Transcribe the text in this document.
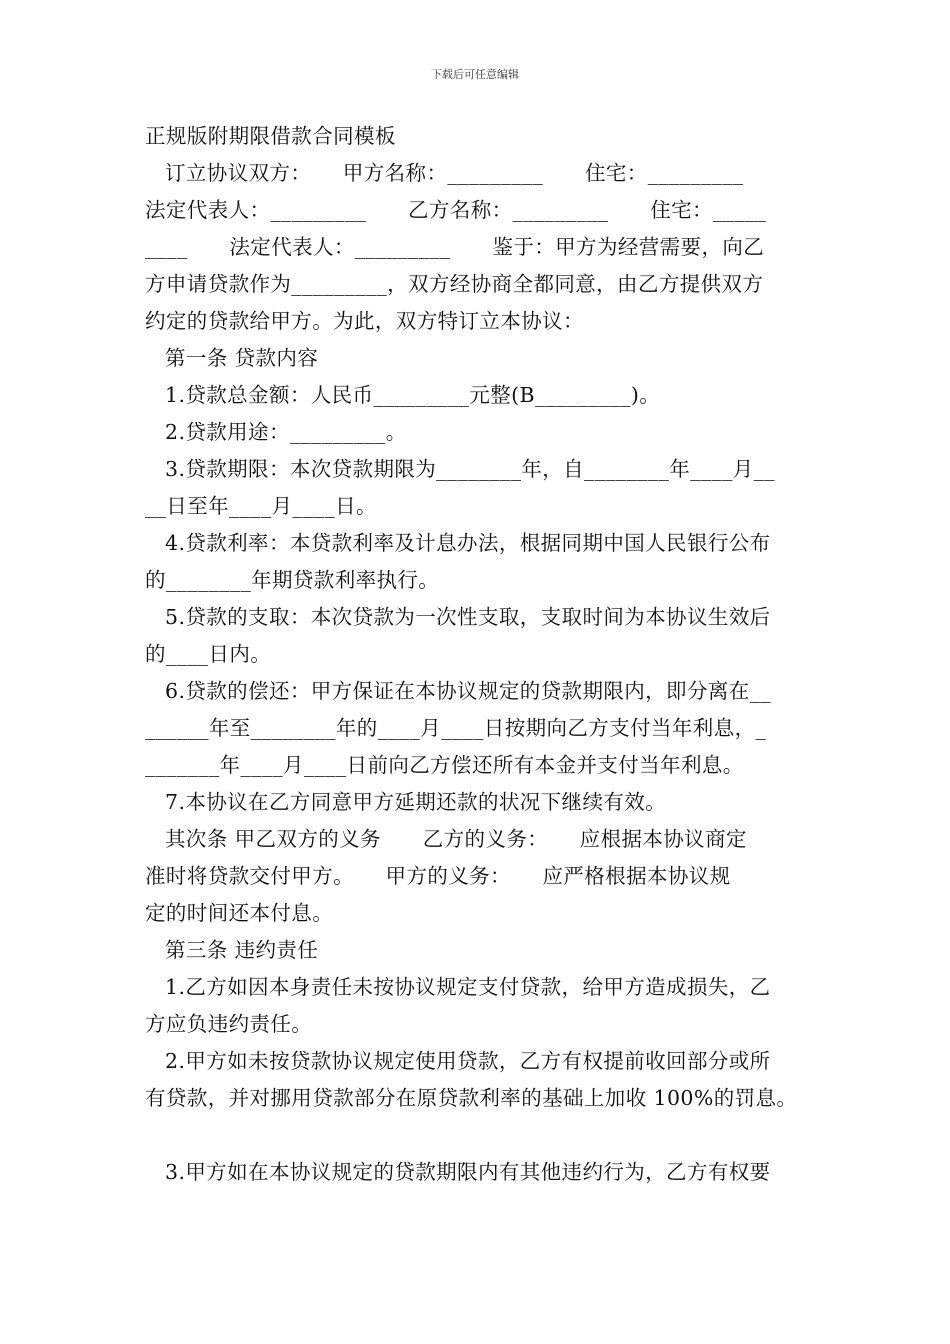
下载后可任意编辑
正规版附期限借款合同模板
订立协议双方：　　甲方名称：_________　　住宅：_________
法定代表人：_________　　乙方名称：_________　　住宅：_____
____　　法定代表人：_________　　鉴于：甲方为经营需要，向乙
方申请贷款作为_________，双方经协商全都同意，由乙方提供双方
约定的贷款给甲方。为此，双方特订立本协议：
第一条 贷款内容
1.贷款总金额：人民币_________元整(B_________)。
2.贷款用途：_________。
3.贷款期限：本次贷款期限为________年，自________年____月__
__日至年____月____日。
4.贷款利率：本贷款利率及计息办法，根据同期中国人民银行公布
的________年期贷款利率执行。
5.贷款的支取：本次贷款为一次性支取，支取时间为本协议生效后
的____日内。
6.贷款的偿还：甲方保证在本协议规定的贷款期限内，即分离在__
______年至________年的____月____日按期向乙方支付当年利息，_
_______年____月____日前向乙方偿还所有本金并支付当年利息。
7.本协议在乙方同意甲方延期还款的状况下继续有效。
其次条 甲乙双方的义务　　乙方的义务：　　应根据本协议商定
准时将贷款交付甲方。　　甲方的义务：　　应严格根据本协议规
定的时间还本付息。
第三条 违约责任
1.乙方如因本身责任未按协议规定支付贷款，给甲方造成损失，乙
方应负违约责任。
2.甲方如未按贷款协议规定使用贷款，乙方有权提前收回部分或所
有贷款，并对挪用贷款部分在原贷款利率的基础上加收 100%的罚息。
3.甲方如在本协议规定的贷款期限内有其他违约行为，乙方有权要
